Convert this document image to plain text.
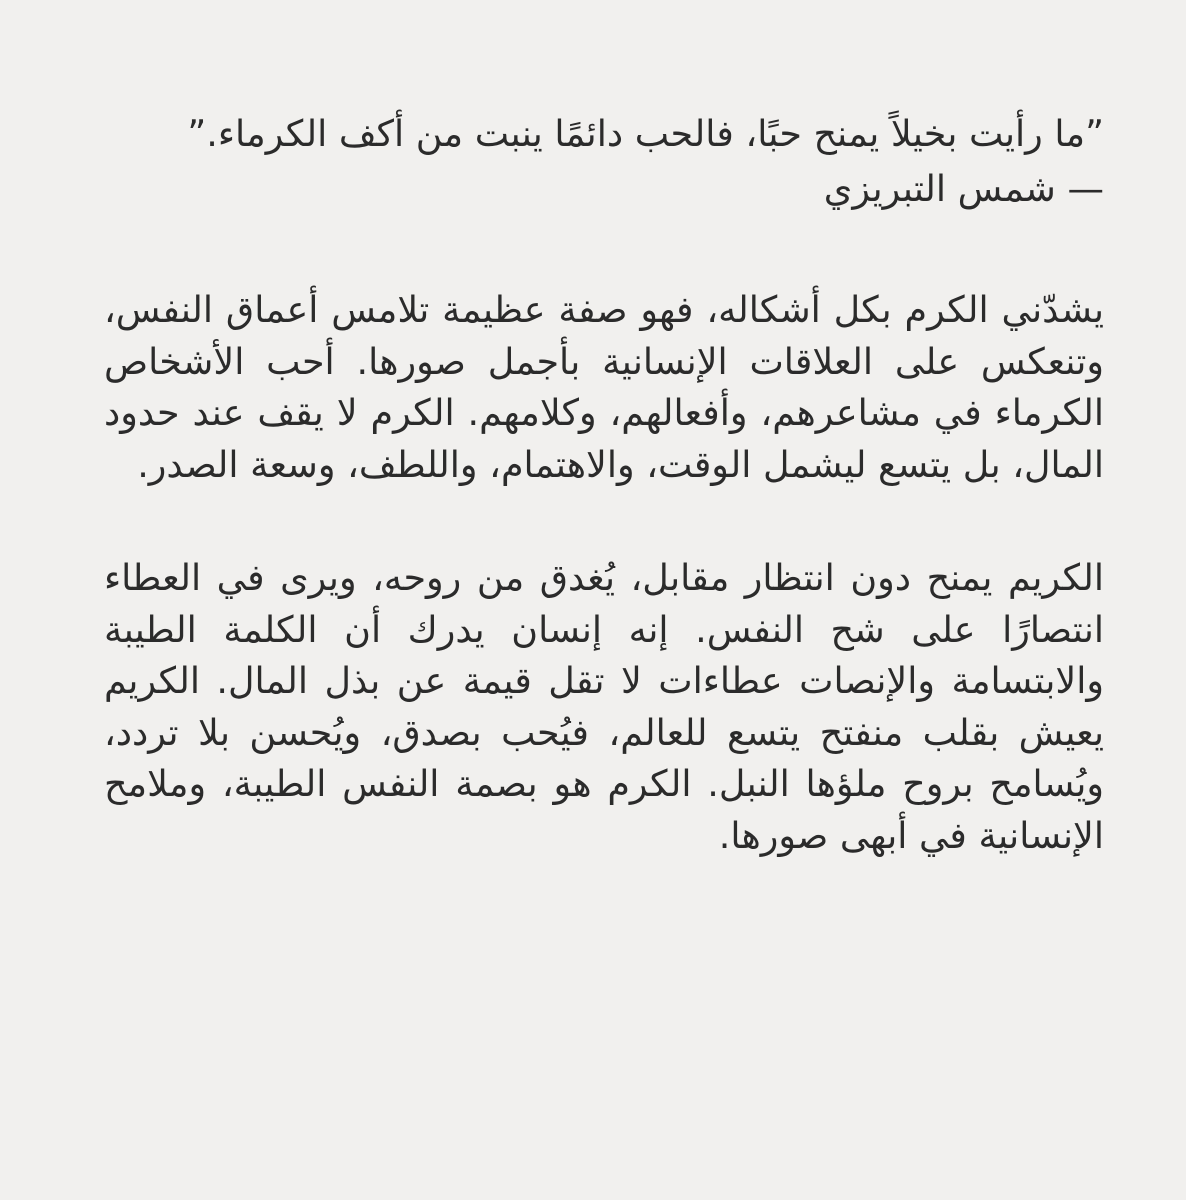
”ما رأيت بخيلاً يمنح حبًا، فالحب دائمًا ينبت من أكف الكرماء.”
— شمس التبريزي

يشدّني الكرم بكل أشكاله، فهو صفة عظيمة تلامس أعماق النفس، وتنعكس على العلاقات الإنسانية بأجمل صورها. أحب الأشخاص الكرماء في مشاعرهم، وأفعالهم، وكلامهم. الكرم لا يقف عند حدود المال، بل يتسع ليشمل الوقت، والاهتمام، واللطف، وسعة الصدر.

الكريم يمنح دون انتظار مقابل، يُغدق من روحه، ويرى في العطاء انتصارًا على شح النفس. إنه إنسان يدرك أن الكلمة الطيبة والابتسامة والإنصات عطاءات لا تقل قيمة عن بذل المال. الكريم يعيش بقلب منفتح يتسع للعالم، فيُحب بصدق، ويُحسن بلا تردد، ويُسامح بروح ملؤها النبل. الكرم هو بصمة النفس الطيبة، وملامح الإنسانية في أبهى صورها.
